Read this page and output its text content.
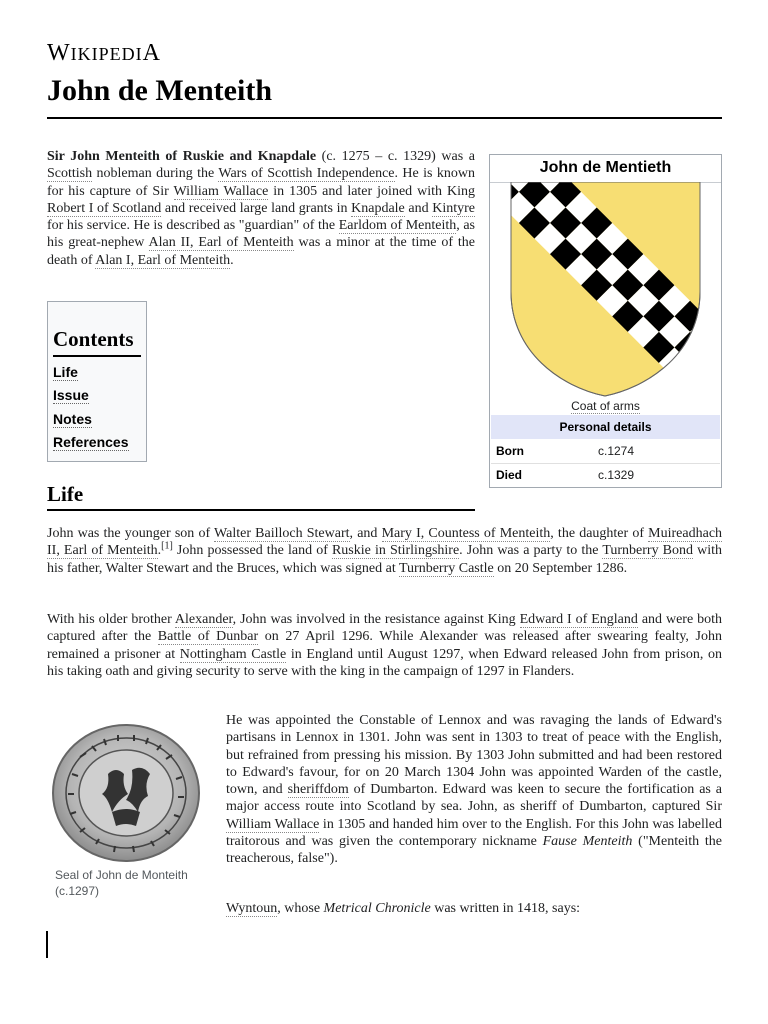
WIKIPEDIA
John de Menteith

Sir John Menteith of Ruskie and Knapdale (c. 1275 – c. 1329) was a Scottish nobleman during the Wars of Scottish Independence. He is known for his capture of Sir William Wallace in 1305 and later joined with King Robert I of Scotland and received large land grants in Knapdale and Kintyre for his service. He is described as "guardian" of the Earldom of Menteith, as his great-nephew Alan II, Earl of Menteith was a minor at the time of the death of Alan I, Earl of Menteith.

Contents
Life
Issue
Notes
References
John de Mentieth
Coat of arms
Personal details
Born	c.1274
Died	c.1329
Life

John was the younger son of Walter Bailloch Stewart, and Mary I, Countess of Menteith, the daughter of Muireadhach II, Earl of Menteith.[1] John possessed the land of Ruskie in Stirlingshire. John was a party to the Turnberry Bond with his father, Walter Stewart and the Bruces, which was signed at Turnberry Castle on 20 September 1286.

With his older brother Alexander, John was involved in the resistance against King Edward I of England and were both captured after the Battle of Dunbar on 27 April 1296. While Alexander was released after swearing fealty, John remained a prisoner at Nottingham Castle in England until August 1297, when Edward released John from prison, on his taking oath and giving security to serve with the king in the campaign of 1297 in Flanders.

Seal of John de Monteith (c.1297)

He was appointed the Constable of Lennox and was ravaging the lands of Edward's partisans in Lennox in 1301. John was sent in 1303 to treat of peace with the English, but refrained from pressing his mission. By 1303 John submitted and had been restored to Edward's favour, for on 20 March 1304 John was appointed Warden of the castle, town, and sheriffdom of Dumbarton. Edward was keen to secure the fortification as a major access route into Scotland by sea. John, as sheriff of Dumbarton, captured Sir William Wallace in 1305 and handed him over to the English. For this John was labelled traitorous and was given the contemporary nickname Fause Menteith ("Menteith the treacherous, false").

Wyntoun, whose Metrical Chronicle was written in 1418, says:
